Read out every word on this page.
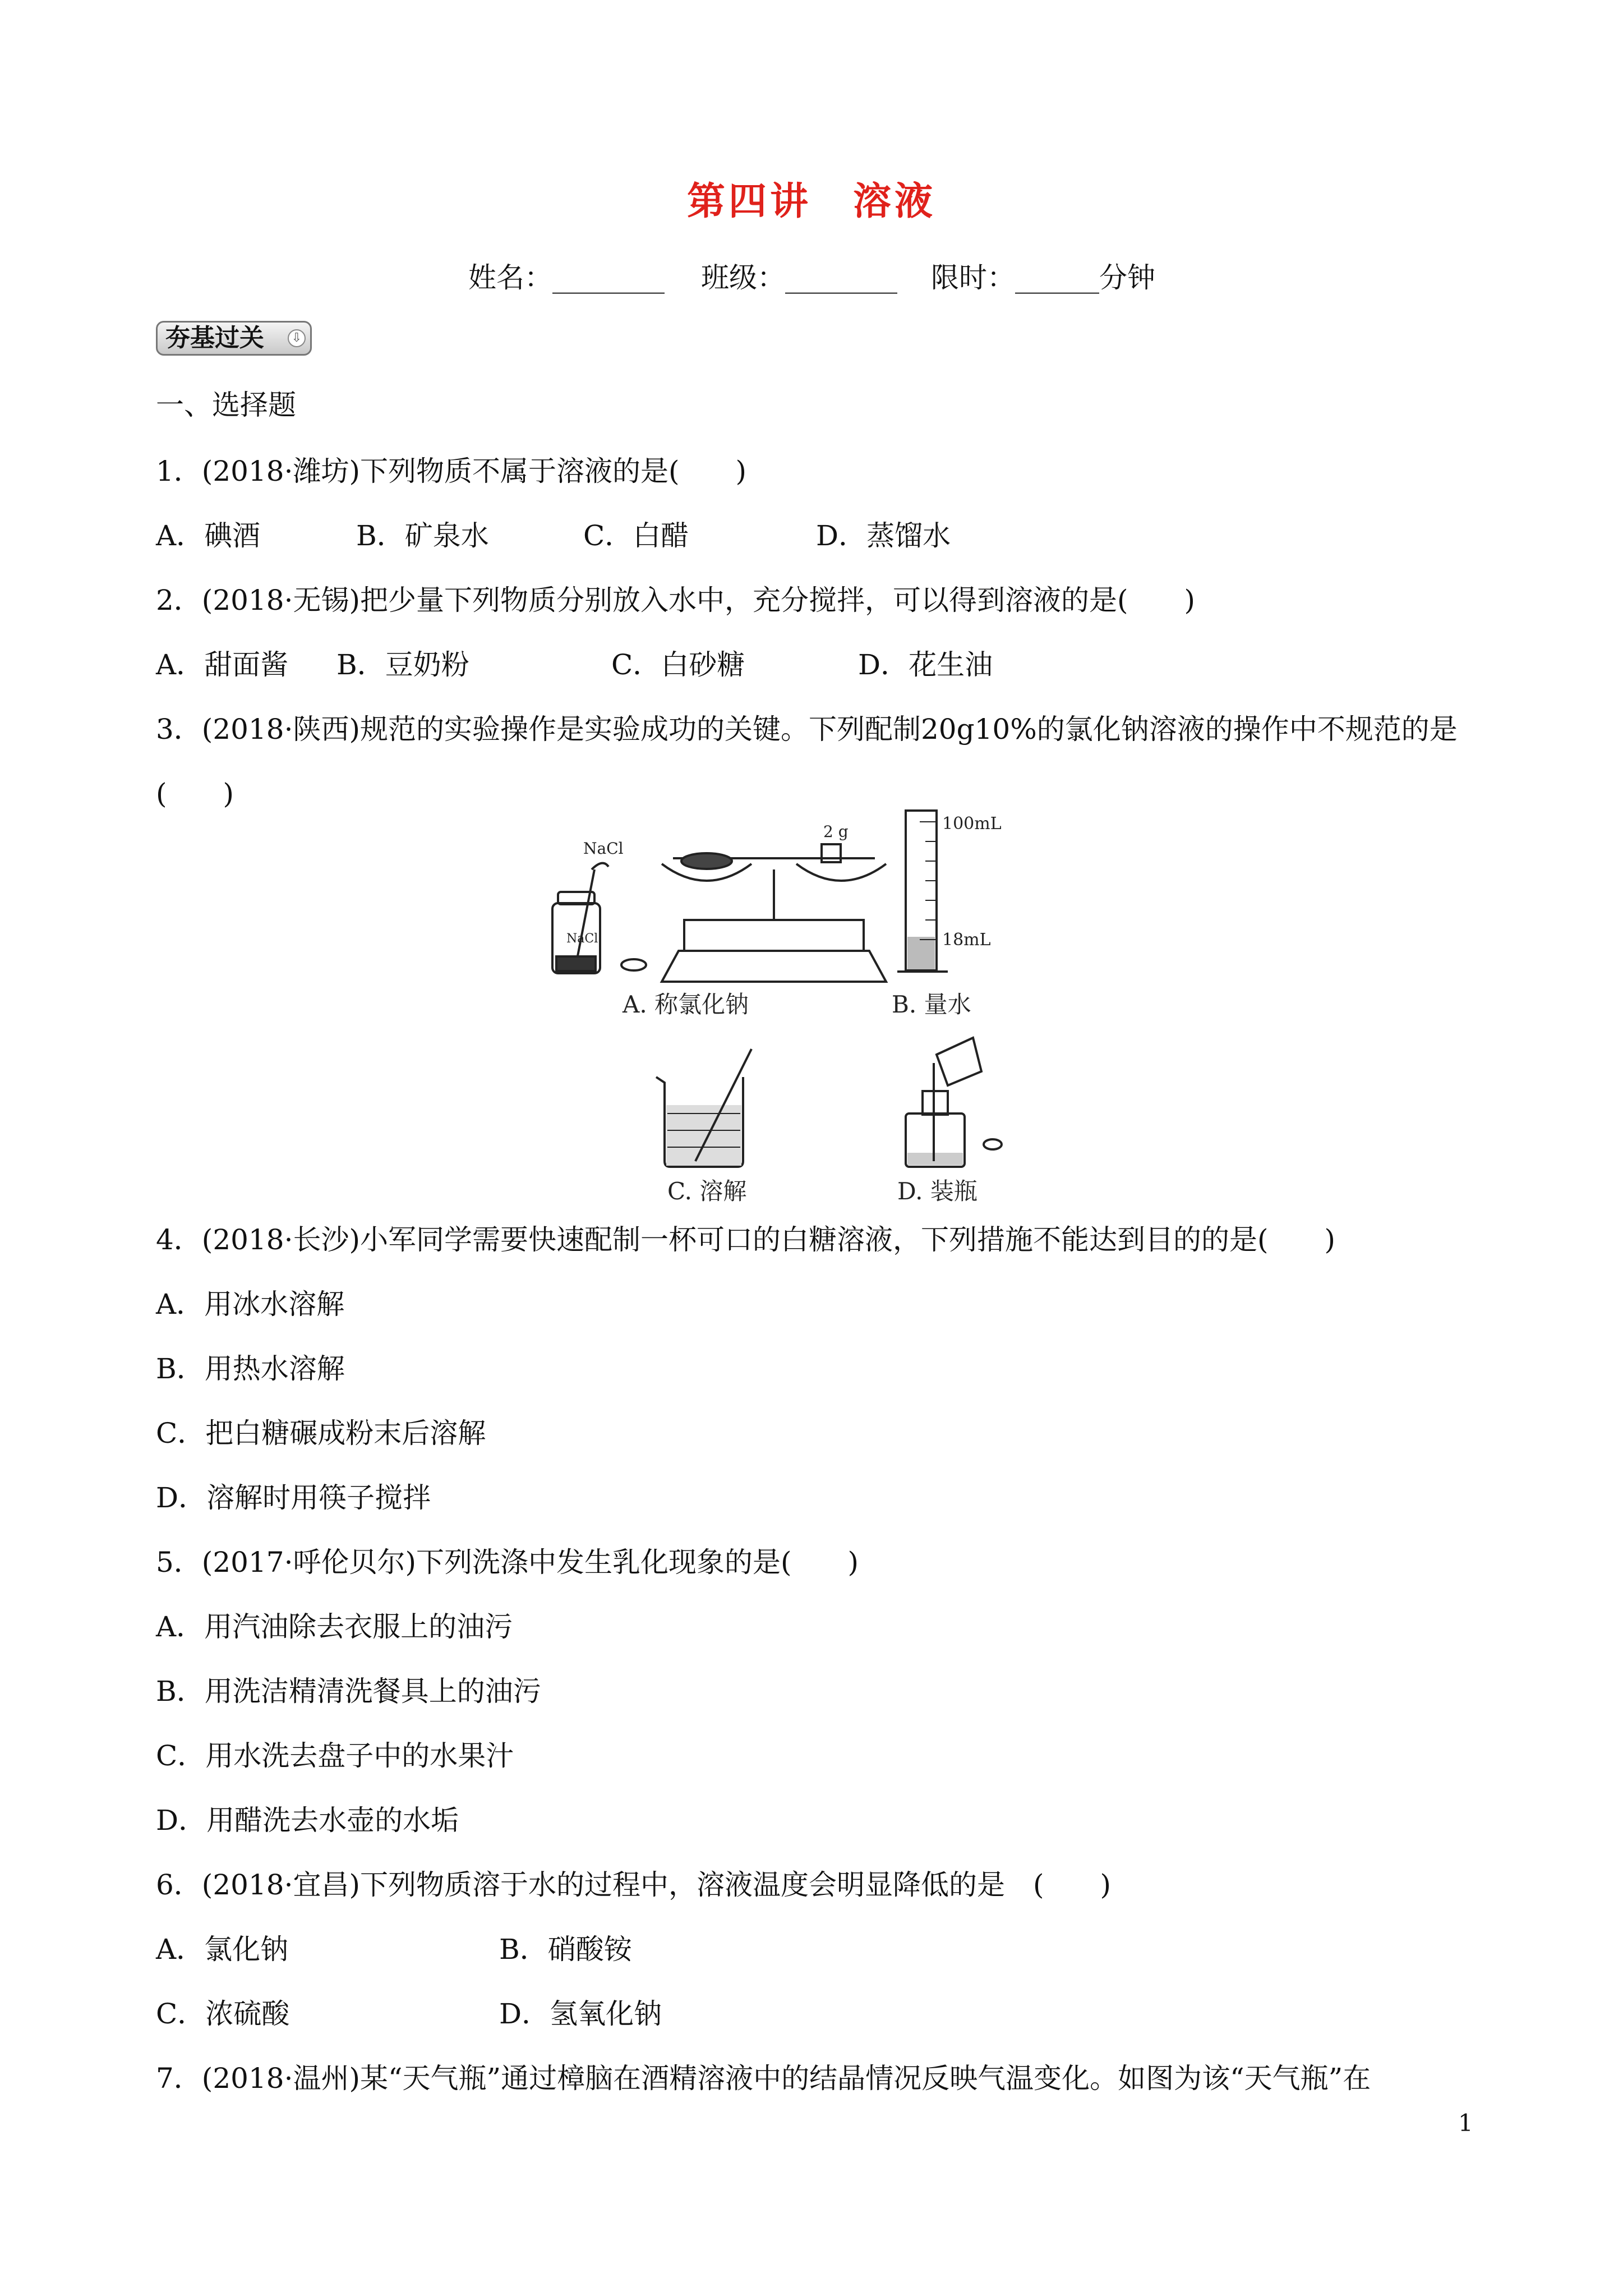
第四讲　溶液
姓名：________ 班级：________ 限时：______分钟
夯基过关	⇩
一、选择题
1．(2018·潍坊)下列物质不属于溶液的是(　　)
A．碘酒	B．矿泉水	C．白醋	D．蒸馏水
2．(2018·无锡)把少量下列物质分别放入水中，充分搅拌，可以得到溶液的是(　　)
A．甜面酱 B．豆奶粉	C．白砂糖	D．花生油
3．(2018·陕西)规范的实验操作是实验成功的关键。下列配制20g10%的氯化钠溶液的操作中不规范的是
(　　)
NaCl
NaCl
2 g	100mL
18mL
A. 称氯化钠	B. 量水
C. 溶解	D. 装瓶
4．(2018·长沙)小军同学需要快速配制一杯可口的白糖溶液，下列措施不能达到目的的是(　　)
A．用冰水溶解
B．用热水溶解
C．把白糖碾成粉末后溶解
D．溶解时用筷子搅拌
5．(2017·呼伦贝尔)下列洗涤中发生乳化现象的是(　　)
A．用汽油除去衣服上的油污
B．用洗洁精清洗餐具上的油污
C．用水洗去盘子中的水果汁
D．用醋洗去水壶的水垢
6．(2018·宜昌)下列物质溶于水的过程中，溶液温度会明显降低的是　(　　)
A．氯化钠	B．硝酸铵
C．浓硫酸	D．氢氧化钠
7．(2018·温州)某“天气瓶”通过樟脑在酒精溶液中的结晶情况反映气温变化。如图为该“天气瓶”在
1
